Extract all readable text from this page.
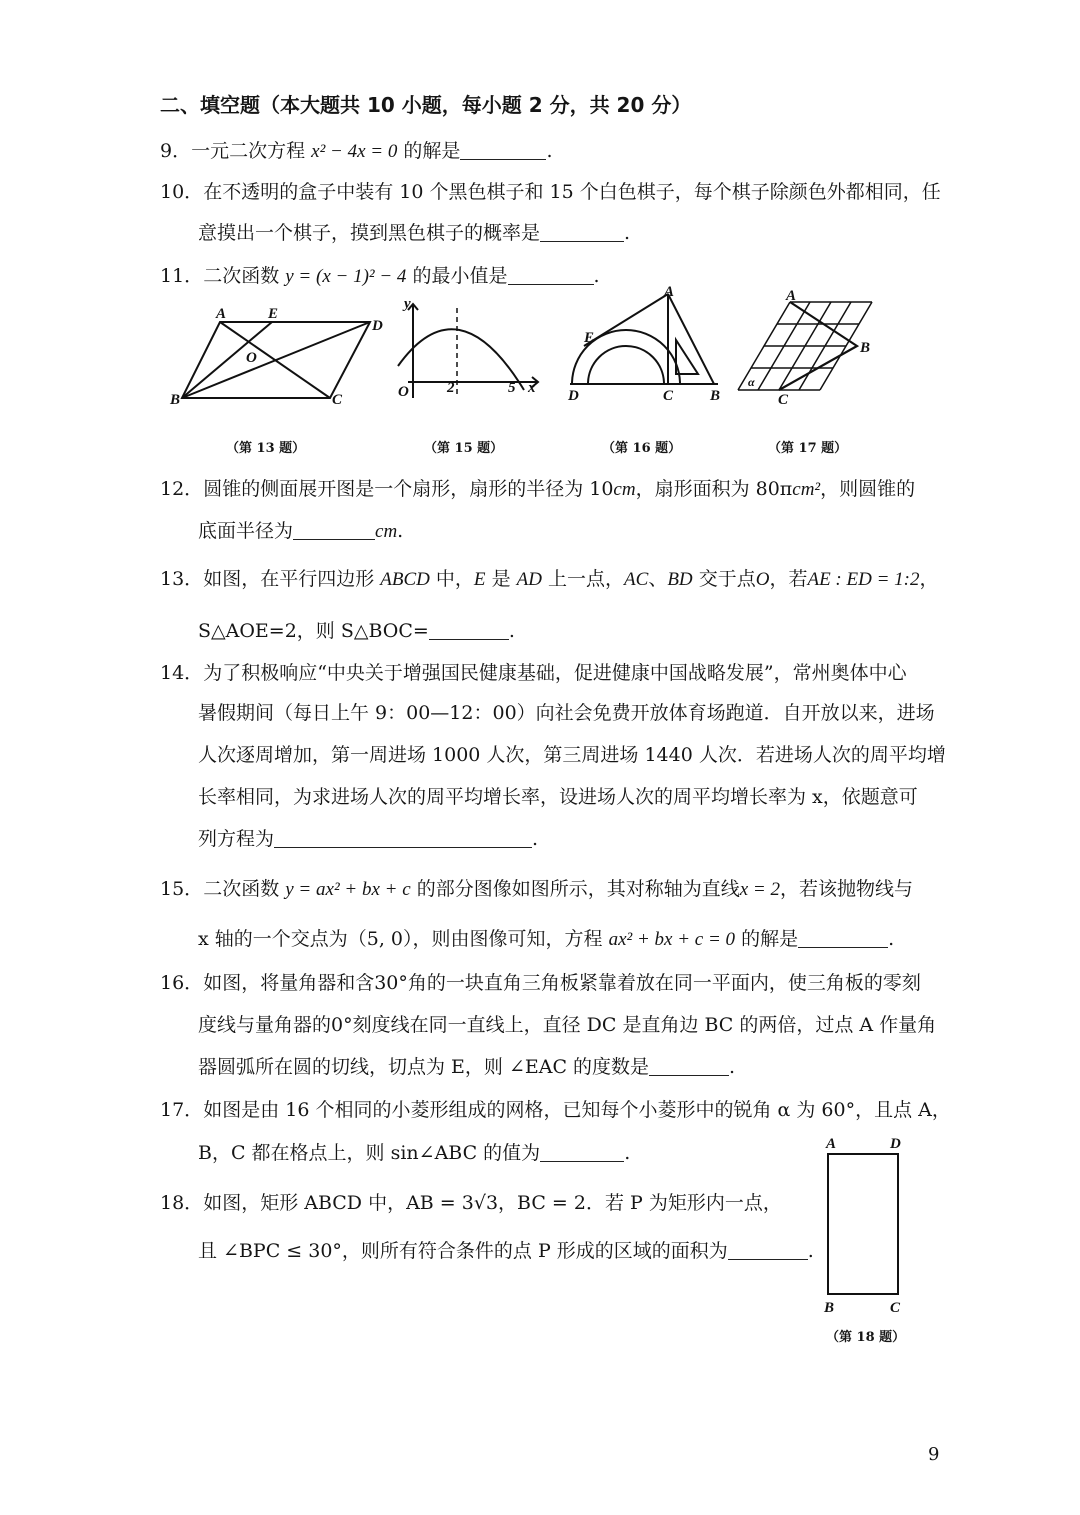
二、填空题（本大题共 10 小题，每小题 2 分，共 20 分）
9．一元二次方程 x² − 4x = 0 的解是	.
10．在不透明的盒子中装有 10 个黑色棋子和 15 个白色棋子，每个棋子除颜色外都相同，任
意摸出一个棋子，摸到黑色棋子的概率是	.
11．二次函数 y = (x − 1)² − 4 的最小值是	.
A	E
D
O
B	C
y
O	2	5 x
A
E
D	C B
A
B
C
α
（第 13 题）	（第 15 题）	（第 16 题）	（第 17 题）
12．圆锥的侧面展开图是一个扇形，扇形的半径为 10cm，扇形面积为 80πcm²，则圆锥的
底面半径为	cm.
13．如图，在平行四边形 ABCD 中，E 是 AD 上一点，AC、BD 交于点O，若AE : ED = 1:2，
S△AOE=2，则 S△BOC=	.
14．为了积极响应“中央关于增强国民健康基础，促进健康中国战略发展”，常州奥体中心
暑假期间（每日上午 9：00—12：00）向社会免费开放体育场跑道．自开放以来，进场
人次逐周增加，第一周进场 1000 人次，第三周进场 1440 人次．若进场人次的周平均增
长率相同，为求进场人次的周平均增长率，设进场人次的周平均增长率为 x，依题意可
列方程为	.
15．二次函数 y = ax² + bx + c 的部分图像如图所示，其对称轴为直线x = 2，若该抛物线与
x 轴的一个交点为（5, 0），则由图像可知，方程 ax² + bx + c = 0 的解是	.
16．如图，将量角器和含30°角的一块直角三角板紧靠着放在同一平面内，使三角板的零刻
度线与量角器的0°刻度线在同一直线上，直径 DC 是直角边 BC 的两倍，过点 A 作量角
器圆弧所在圆的切线，切点为 E，则 ∠EAC 的度数是	.
17．如图是由 16 个相同的小菱形组成的网格，已知每个小菱形中的锐角 α 为 60°，且点 A，
B，C 都在格点上，则 sin∠ABC 的值为	.
18．如图，矩形 ABCD 中，AB = 3√3，BC = 2．若 P 为矩形内一点，
且 ∠BPC ≤ 30°，则所有符合条件的点 P 形成的区域的面积为	.
A	D
B	C
（第 18 题）
9
